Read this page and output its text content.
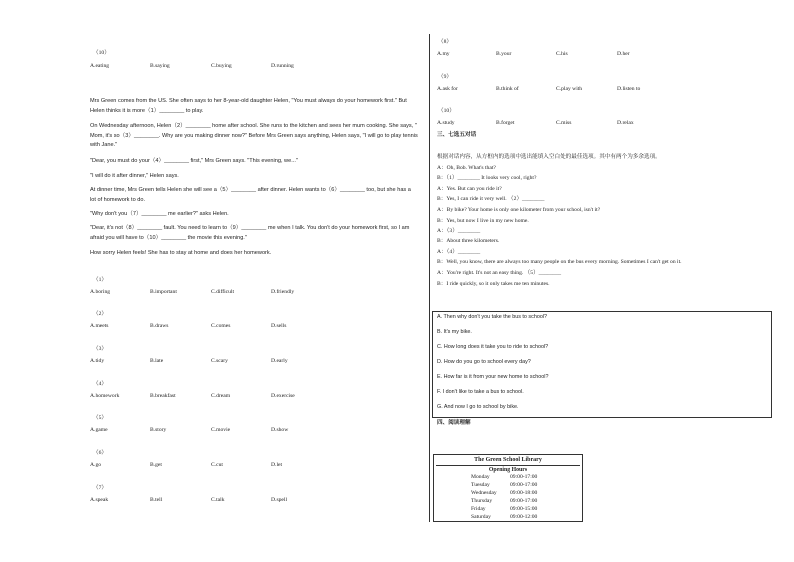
（10）
A.eating	B.saying	C.buying	D.running
Mrs Green comes from the US. She often says to her 8-year-old daughter Helen, "You must always do your homework first." But Helen thinks it is more（1）________ to play.
On Wednesday afternoon, Helen（2）________ home after school. She runs to the kitchen and sees her mum cooking. She says, " Mom, it's so（3）________. Why are you making dinner now?" Before Mrs Green says anything, Helen says, "I will go to play tennis with Jane."
"Dear, you must do your（4）________ first," Mrs Green says. "This evening, we..."
"I will do it after dinner," Helen says.
At dinner time, Mrs Green tells Helen she will see a（5）________ after dinner. Helen wants to（6）________ too, but she has a lot of homework to do.
"Why don't you（7）________ me earlier?" asks Helen.
"Dear, it's not（8）________ fault. You need to learn to（9）________ me when I talk. You don't do your homework first, so I am afraid you will have to（10）________ the movie this evening."
How sorry Helen feels! She has to stay at home and does her homework.
（1）
A.boring	B.important	C.difficult	D.friendly
（2）
A.meets	B.draws	C.comes	D.sells
（3）
A.tidy	B.late	C.scary	D.early
（4）
A.homework	B.breakfast	C.dream	D.exercise
（5）
A.game	B.story	C.movie	D.show
（6）
A.go	B.get	C.cut	D.let
（7）
A.speak	B.tell	C.talk	D.spell
（8）
A.my	B.your	C.his	D.her
（9）
A.ask for	B.think of	C.play with	D.listen to
（10）
A.study	B.forget	C.miss	D.relax
三、七选五对话
根据对话内容，从方框内的选项中选出能填入空白处的最佳选项。其中有两个为多余选项。
A：Oh, Bob. What's that?
B：（1）________ It looks very cool, right?
A：Yes. But can you ride it?
B：Yes, I can ride it very well. （2）________
A：By bike? Your home is only one kilometer from your school, isn't it?
B：Yes, but now I live in my new home.
A：（3）________
B：About three kilometers.
A：（4）________
B：Well, you know, there are always too many people on the bus every morning. Sometimes I can't get on it.
A：You're right. It's not an easy thing. （5）________
B：I ride quickly, so it only takes me ten minutes.
A. Then why don't you take the bus to school?
B. It's my bike.
C. How long does it take you to ride to school?
D. How do you go to school every day?
E. How far is it from your new home to school?
F. I don't like to take a bus to school.
G. And now I go to school by bike.
四、阅读理解
The Green School Library
Opening Hours
Monday	09:00-17:00
Tuesday	09:00-17:00
Wednesday 09:00-18:00
Thursday	09:00-17:00
Friday	09:00-15:00
Saturday	09:00-12:00
